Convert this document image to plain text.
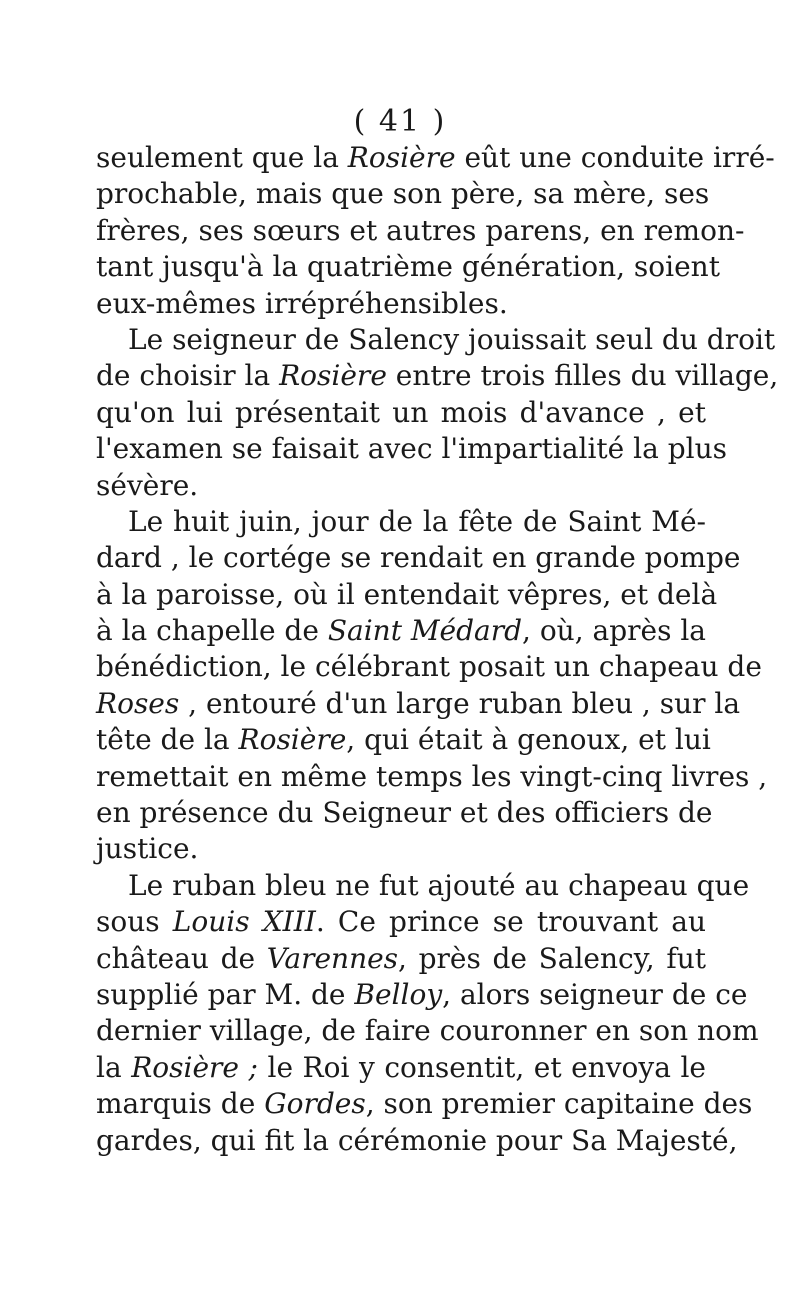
( 41 )
seulement que la Rosière eût une conduite irré-
prochable, mais que son père, sa mère, ses
frères, ses sœurs et autres parens, en remon-
tant jusqu'à la quatrième génération, soient
eux-mêmes irrépréhensibles.
Le seigneur de Salency jouissait seul du droit
de choisir la Rosière entre trois filles du village,
qu'on lui présentait un mois d'avance , et
l'examen se faisait avec l'impartialité la plus
sévère.
Le huit juin, jour de la fête de Saint Mé-
dard , le cortége se rendait en grande pompe
à la paroisse, où il entendait vêpres, et delà
à la chapelle de Saint Médard, où, après la
bénédiction, le célébrant posait un chapeau de
Roses , entouré d'un large ruban bleu , sur la
tête de la Rosière, qui était à genoux, et lui
remettait en même temps les vingt-cinq livres ,
en présence du Seigneur et des officiers de
justice.
Le ruban bleu ne fut ajouté au chapeau que
sous Louis XIII. Ce prince se trouvant au
château de Varennes, près de Salency, fut
supplié par M. de Belloy, alors seigneur de ce
dernier village, de faire couronner en son nom
la Rosière ; le Roi y consentit, et envoya le
marquis de Gordes, son premier capitaine des
gardes, qui fit la cérémonie pour Sa Majesté,
